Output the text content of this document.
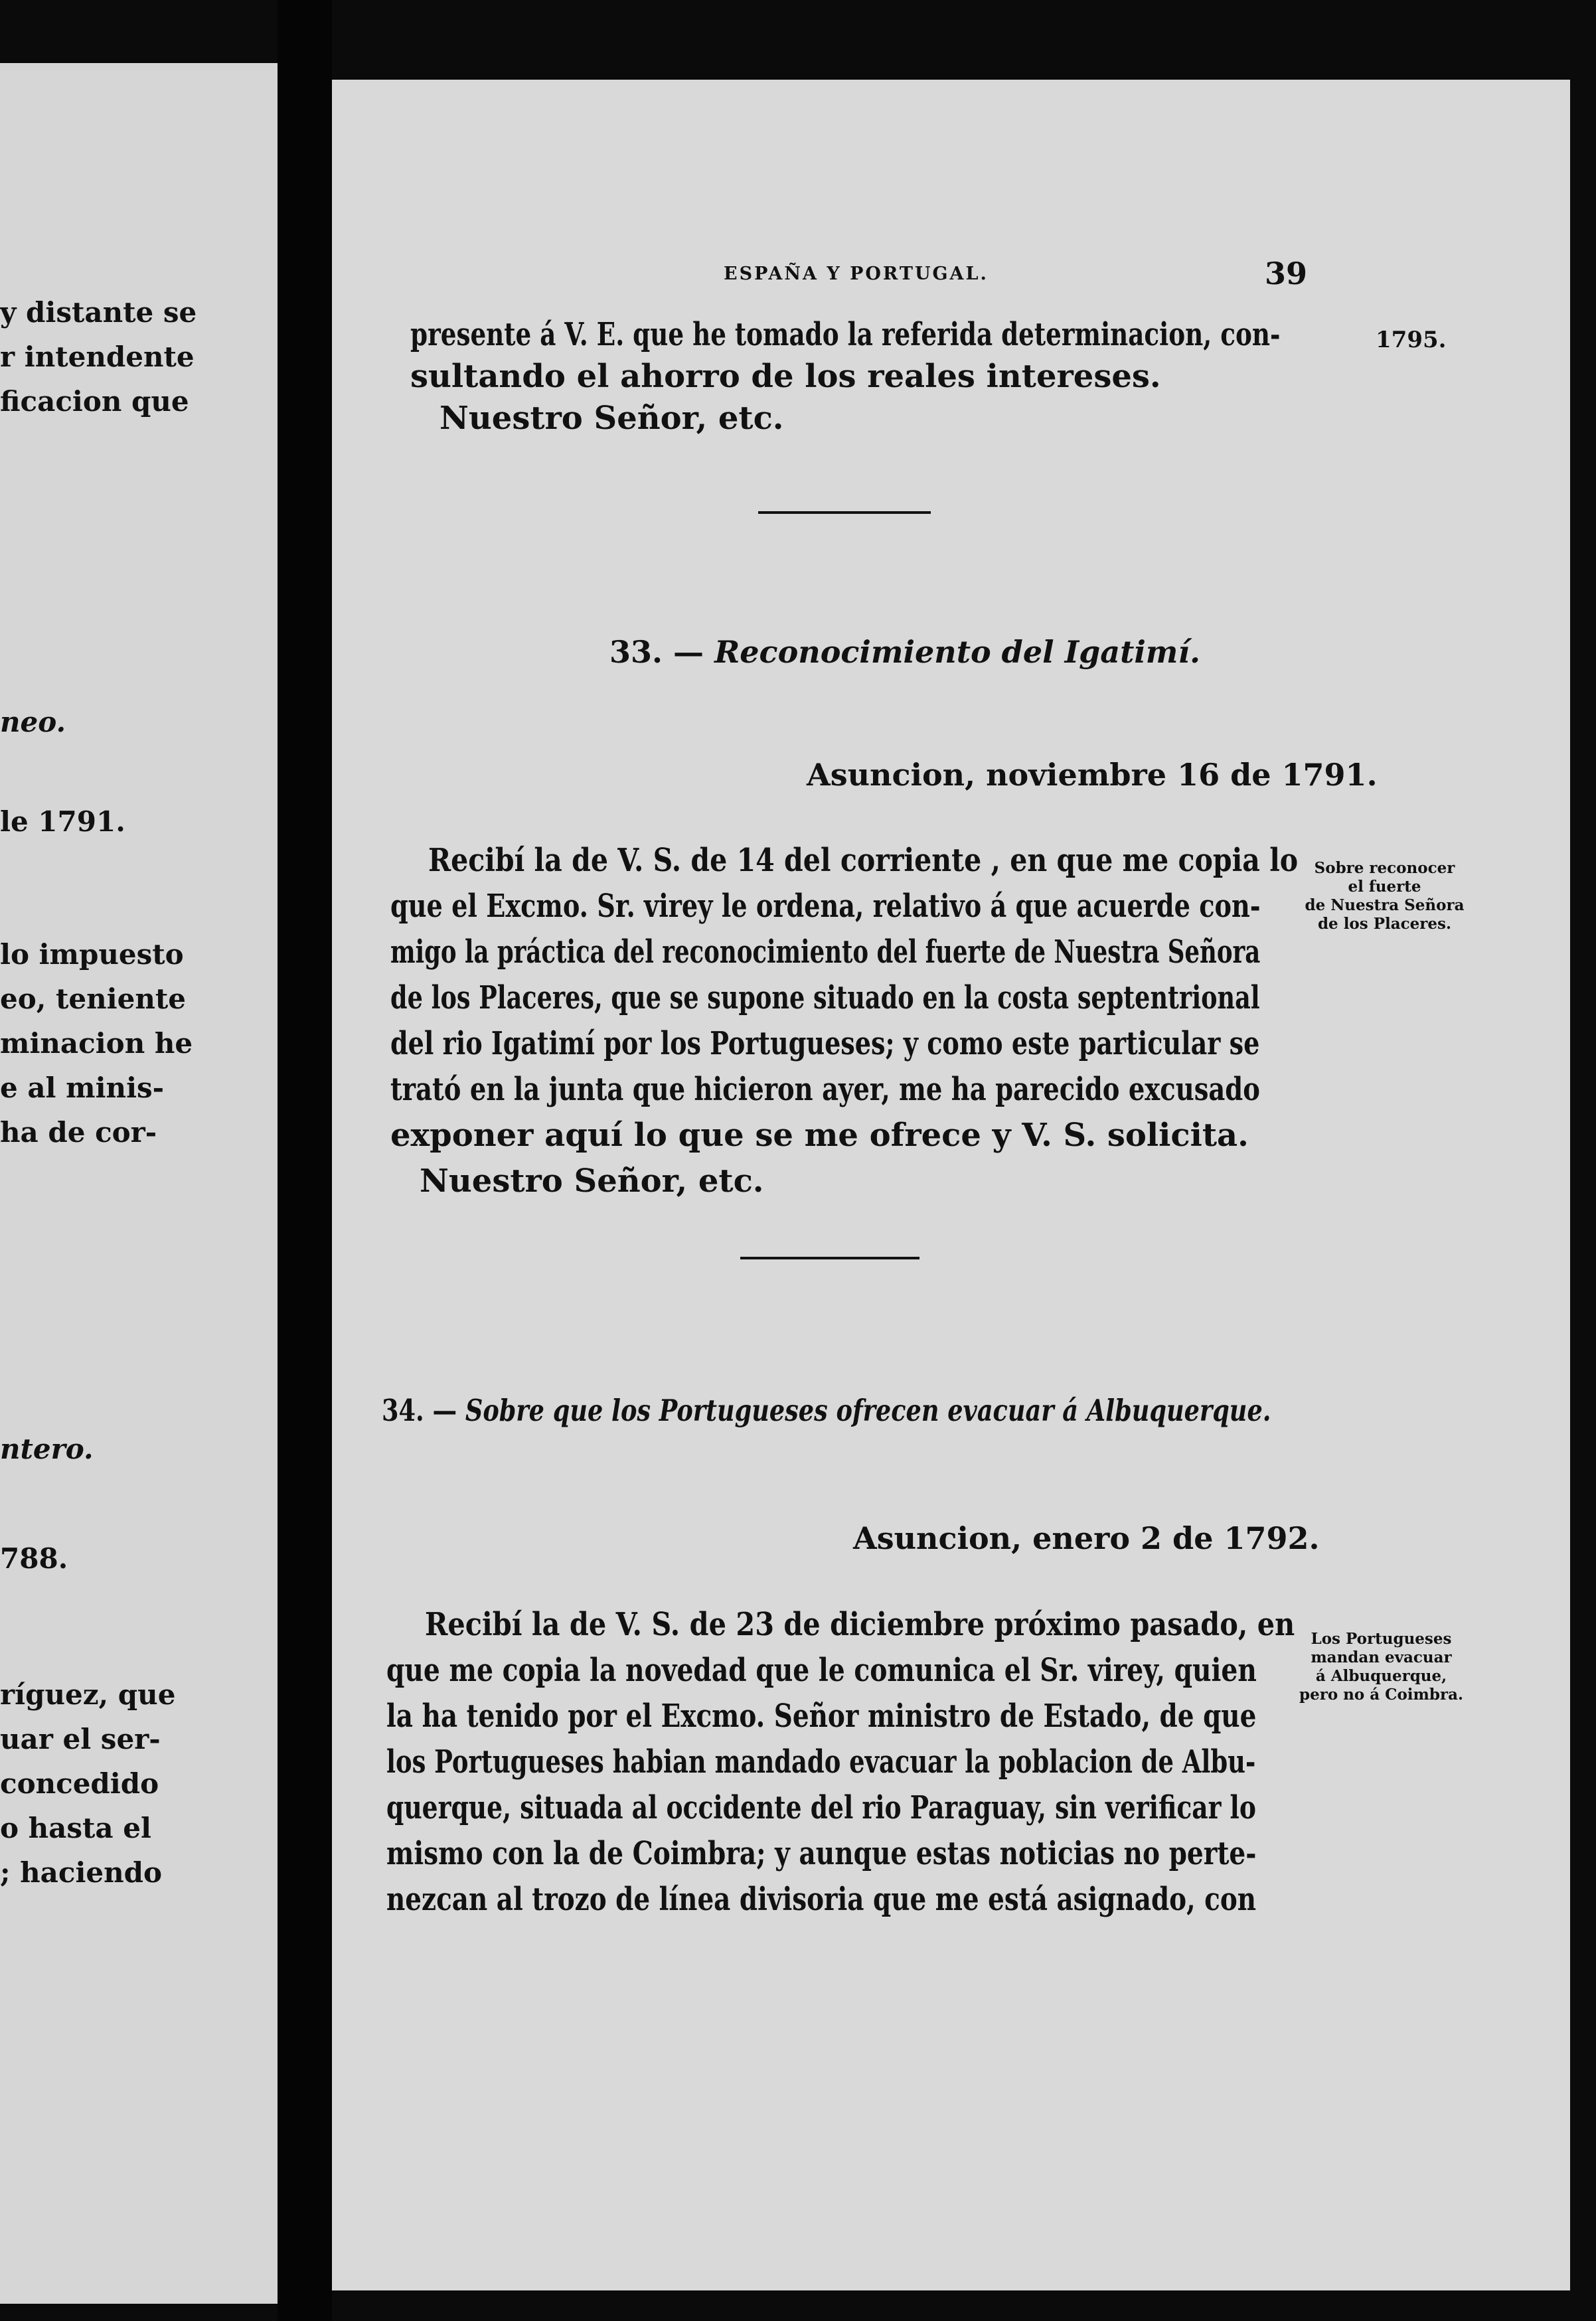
y distante se
r intendente
ficacion que
neo.
le 1791.
lo impuesto
eo, teniente
minacion he
e al minis-
ha de cor-
ntero.
788.
ríguez, que
uar el ser-
concedido
o hasta el
; haciendo
ESPAÑA Y PORTUGAL.	39
1795.
presente á V. E. que he tomado la referida determinacion, con-
sultando el ahorro de los reales intereses.
Nuestro Señor, etc.
33. — Reconocimiento del Igatimí.
Asuncion, noviembre 16 de 1791.
Recibí la de V. S. de 14 del corriente , en que me copia lo
que el Excmo. Sr. virey le ordena, relativo á que acuerde con-
migo la práctica del reconocimiento del fuerte de Nuestra Señora
de los Placeres, que se supone situado en la costa septentrional
del rio Igatimí por los Portugueses; y como este particular se
trató en la junta que hicieron ayer, me ha parecido excusado
exponer aquí lo que se me ofrece y V. S. solicita.
Nuestro Señor, etc.
Sobre reconocer
el fuerte
de Nuestra Señora
de los Placeres.
34. — Sobre que los Portugueses ofrecen evacuar á Albuquerque.
Asuncion, enero 2 de 1792.
Recibí la de V. S. de 23 de diciembre próximo pasado, en
que me copia la novedad que le comunica el Sr. virey, quien
la ha tenido por el Excmo. Señor ministro de Estado, de que
los Portugueses habian mandado evacuar la poblacion de Albu-
querque, situada al occidente del rio Paraguay, sin verificar lo
mismo con la de Coimbra; y aunque estas noticias no perte-
nezcan al trozo de línea divisoria que me está asignado, con
Los Portugueses
mandan evacuar
á Albuquerque,
pero no á Coimbra.
